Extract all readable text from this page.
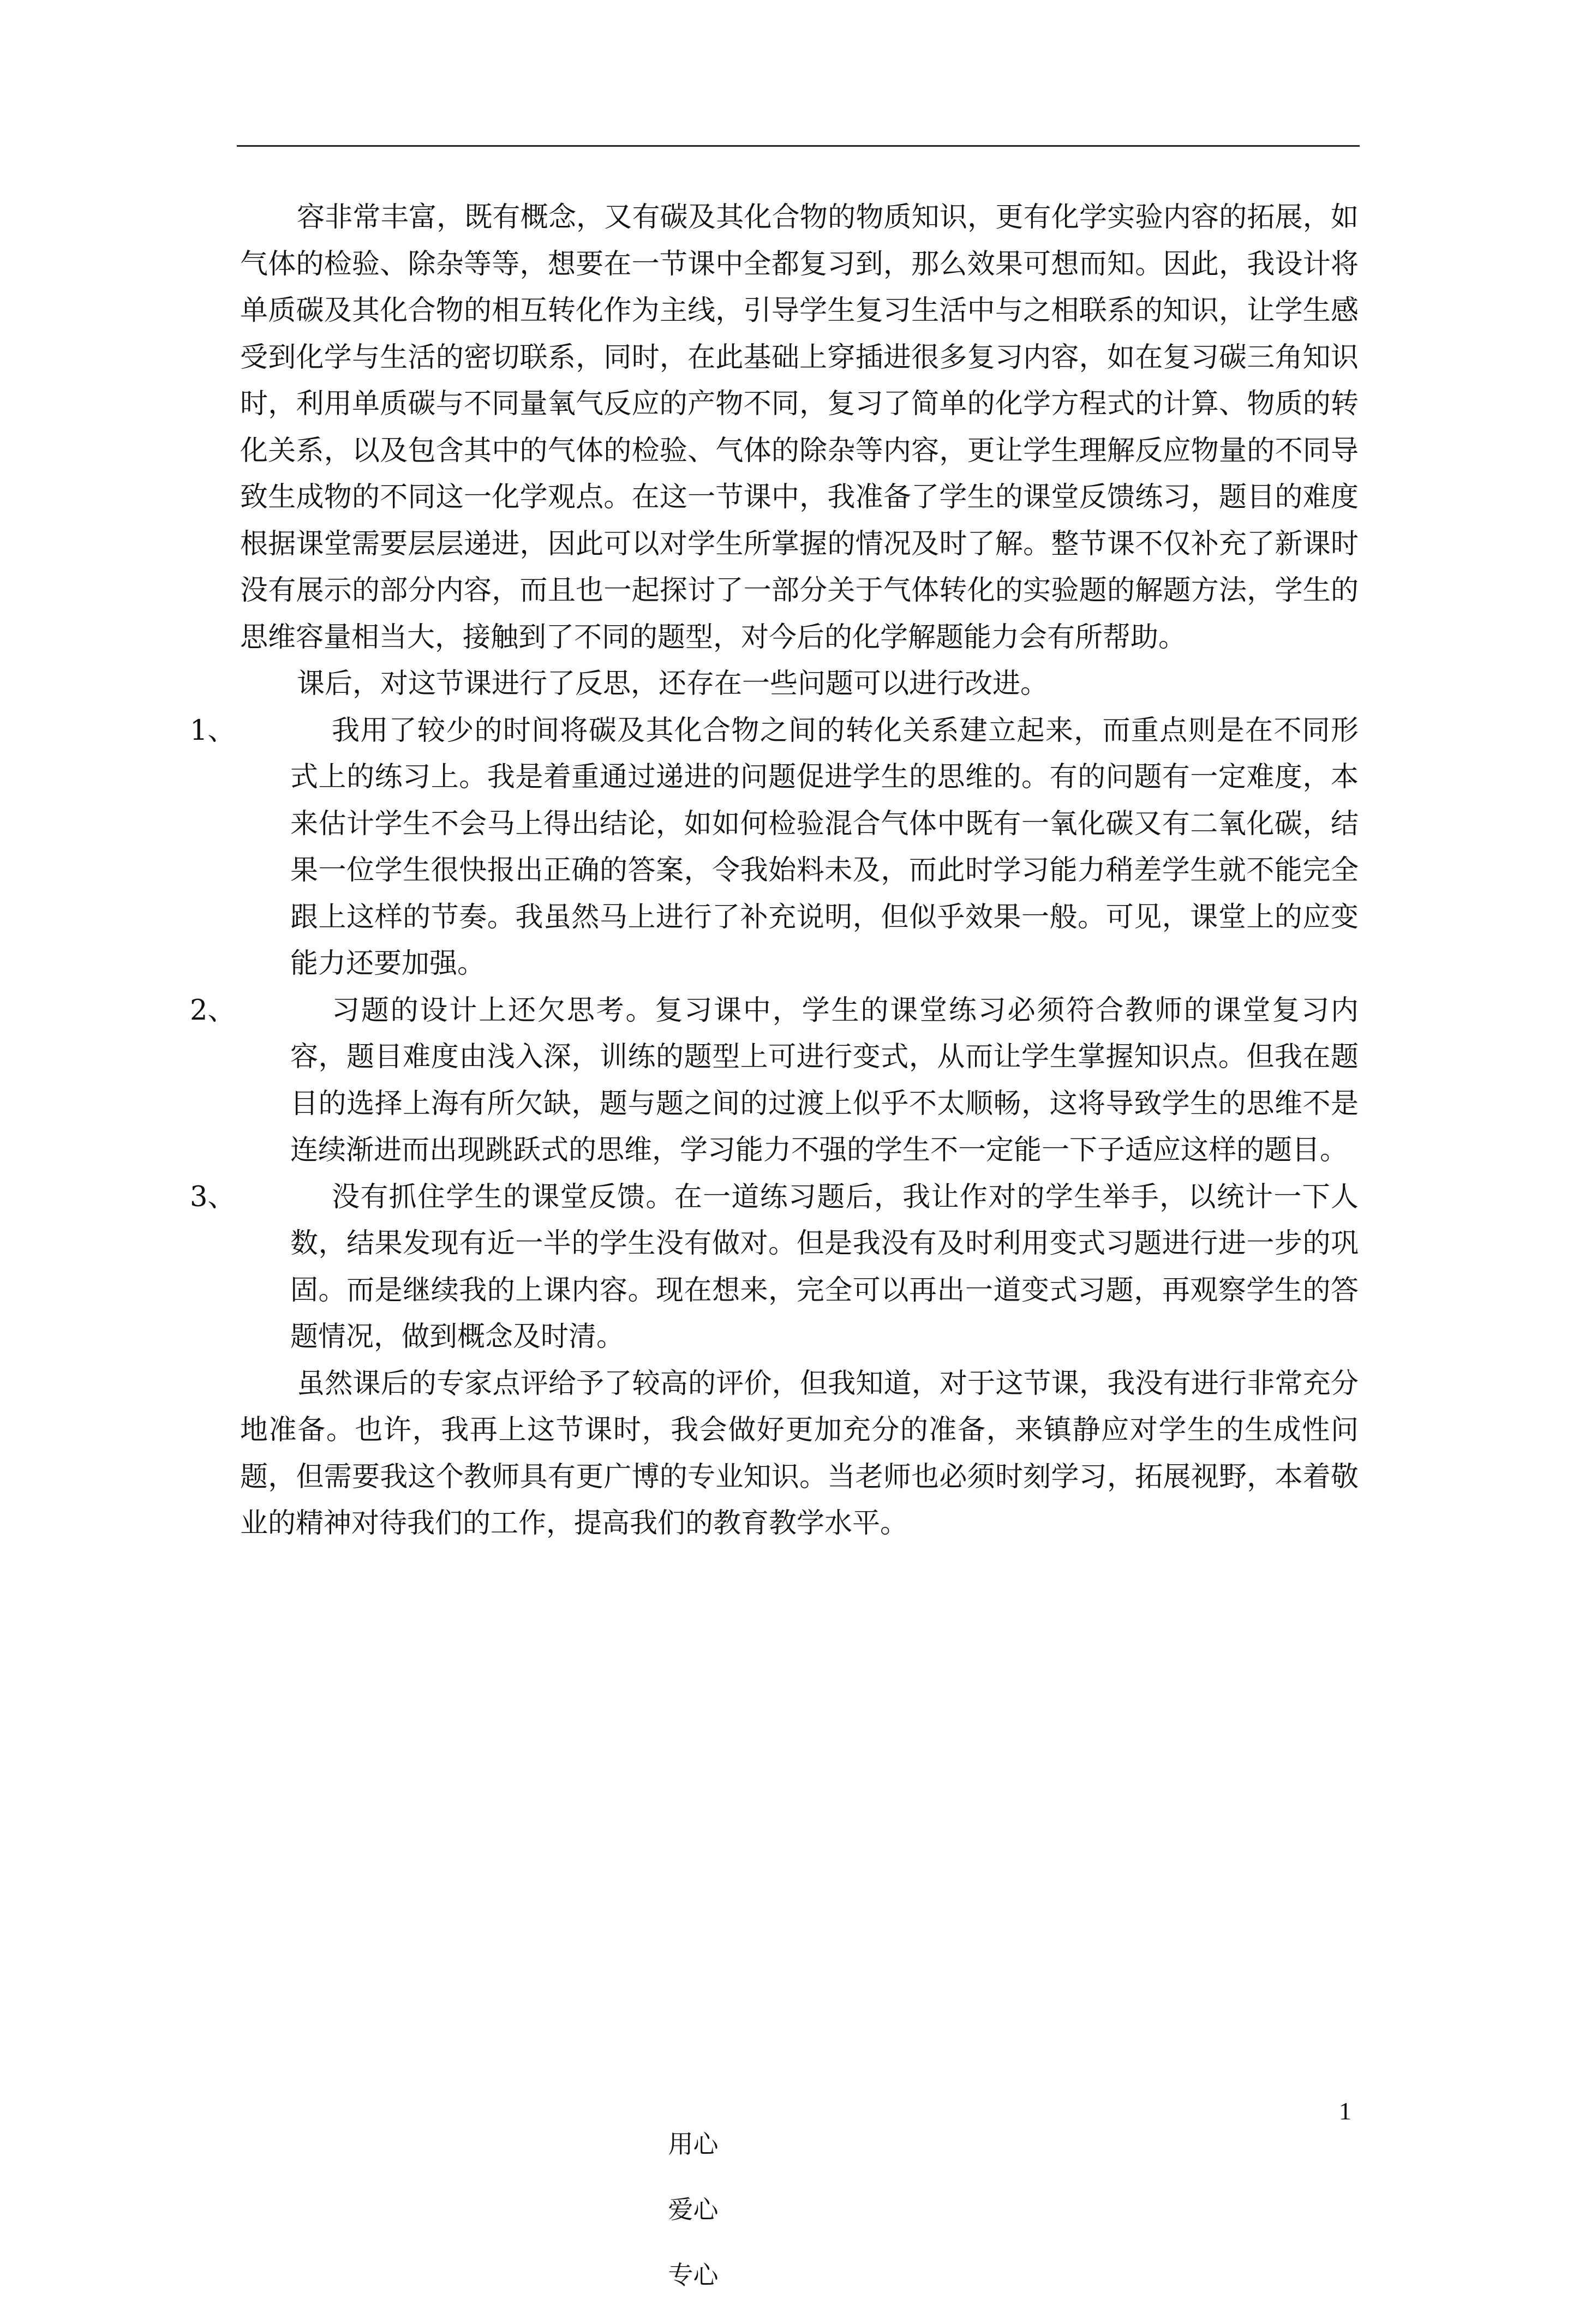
容非常丰富，既有概念，又有碳及其化合物的物质知识，更有化学实验内容的拓展，如气体的检验、除杂等等，想要在一节课中全都复习到，那么效果可想而知。因此，我设计将单质碳及其化合物的相互转化作为主线，引导学生复习生活中与之相联系的知识，让学生感受到化学与生活的密切联系，同时，在此基础上穿插进很多复习内容，如在复习碳三角知识时，利用单质碳与不同量氧气反应的产物不同，复习了简单的化学方程式的计算、物质的转化关系，以及包含其中的气体的检验、气体的除杂等内容，更让学生理解反应物量的不同导致生成物的不同这一化学观点。在这一节课中，我准备了学生的课堂反馈练习，题目的难度根据课堂需要层层递进，因此可以对学生所掌握的情况及时了解。整节课不仅补充了新课时没有展示的部分内容，而且也一起探讨了一部分关于气体转化的实验题的解题方法，学生的思维容量相当大，接触到了不同的题型，对今后的化学解题能力会有所帮助。

课后，对这节课进行了反思，还存在一些问题可以进行改进。

1、	我用了较少的时间将碳及其化合物之间的转化关系建立起来，而重点则是在不同形式上的练习上。我是着重通过递进的问题促进学生的思维的。有的问题有一定难度，本来估计学生不会马上得出结论，如如何检验混合气体中既有一氧化碳又有二氧化碳，结果一位学生很快报出正确的答案，令我始料未及，而此时学习能力稍差学生就不能完全跟上这样的节奏。我虽然马上进行了补充说明，但似乎效果一般。可见，课堂上的应变能力还要加强。
2、	习题的设计上还欠思考。复习课中，学生的课堂练习必须符合教师的课堂复习内容，题目难度由浅入深，训练的题型上可进行变式，从而让学生掌握知识点。但我在题目的选择上海有所欠缺，题与题之间的过渡上似乎不太顺畅，这将导致学生的思维不是连续渐进而出现跳跃式的思维，学习能力不强的学生不一定能一下子适应这样的题目。
3、	没有抓住学生的课堂反馈。在一道练习题后，我让作对的学生举手，以统计一下人数，结果发现有近一半的学生没有做对。但是我没有及时利用变式习题进行进一步的巩固。而是继续我的上课内容。现在想来，完全可以再出一道变式习题，再观察学生的答题情况，做到概念及时清。

虽然课后的专家点评给予了较高的评价，但我知道，对于这节课，我没有进行非常充分地准备。也许，我再上这节课时，我会做好更加充分的准备，来镇静应对学生的生成性问题，但需要我这个教师具有更广博的专业知识。当老师也必须时刻学习，拓展视野，本着敬业的精神对待我们的工作，提高我们的教育教学水平。

用心

爱心

专心

1
